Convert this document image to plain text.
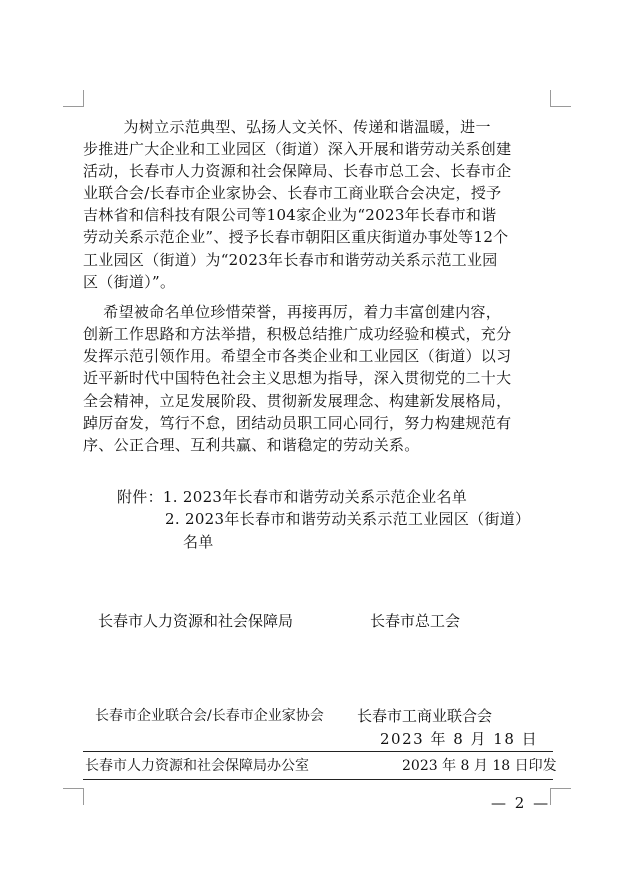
为树立示范典型、弘扬人文关怀、传递和谐温暖，进一
步推进广大企业和工业园区（街道）深入开展和谐劳动关系创建
活动，长春市人力资源和社会保障局、长春市总工会、长春市企
业联合会/长春市企业家协会、长春市工商业联合会决定，授予
吉林省和信科技有限公司等104家企业为“2023年长春市和谐
劳动关系示范企业”、授予长春市朝阳区重庆街道办事处等12个
工业园区（街道）为“2023年长春市和谐劳动关系示范工业园
区（街道）”。
希望被命名单位珍惜荣誉，再接再厉，着力丰富创建内容，
创新工作思路和方法举措，积极总结推广成功经验和模式，充分
发挥示范引领作用。希望全市各类企业和工业园区（街道）以习
近平新时代中国特色社会主义思想为指导，深入贯彻党的二十大
全会精神，立足发展阶段、贯彻新发展理念、构建新发展格局，
踔厉奋发，笃行不怠，团结动员职工同心同行，努力构建规范有
序、公正合理、互利共赢、和谐稳定的劳动关系。
附件：1. 2023年长春市和谐劳动关系示范企业名单
2. 2023年长春市和谐劳动关系示范工业园区（街道）
名单
长春市人力资源和社会保障局	长春市总工会
长春市企业联合会/长春市企业家协会 长春市工商业联合会
2023 年 8 月 18 日
长春市人力资源和社会保障局办公室	2023 年 8 月 18 日印发
— 2 —
